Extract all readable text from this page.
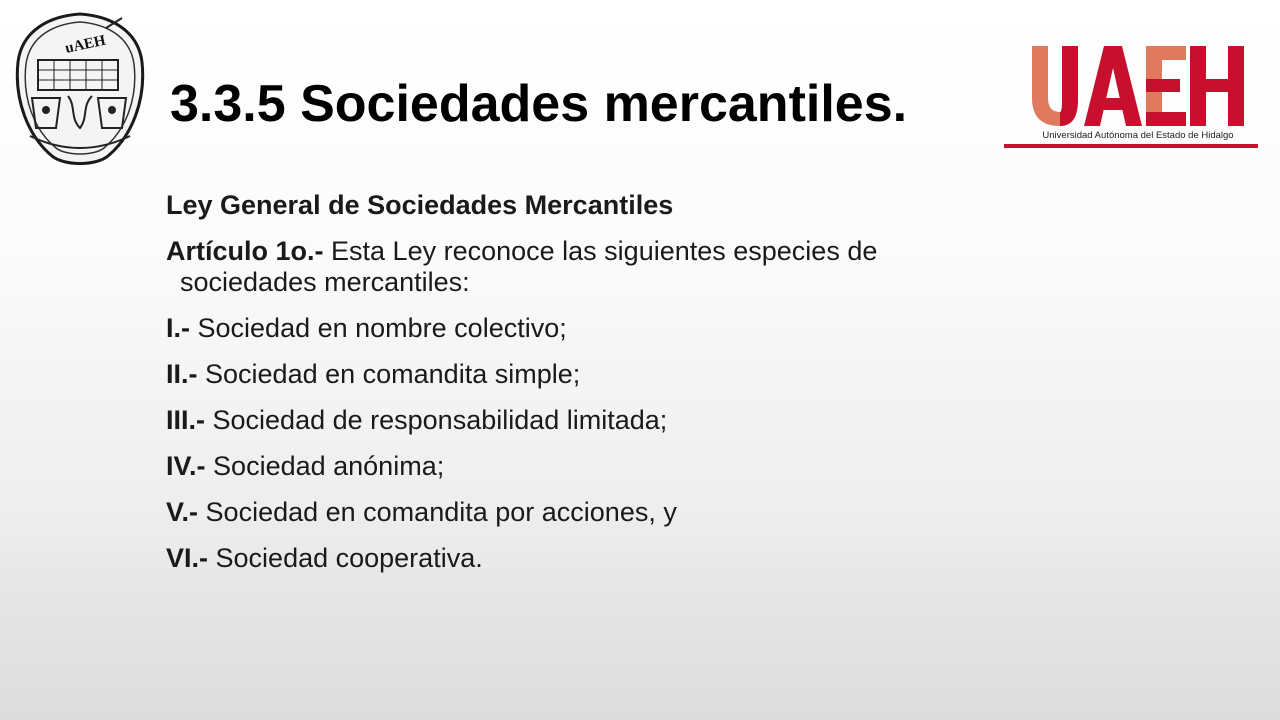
uAEH
3.3.5 Sociedades mercantiles.
Universidad Autónoma del Estado de Hidalgo

Ley General de Sociedades Mercantiles

Artículo 1o.- Esta Ley reconoce las siguientes especies de
sociedades mercantiles:

I.- Sociedad en nombre colectivo;

II.- Sociedad en comandita simple;

III.- Sociedad de responsabilidad limitada;

IV.- Sociedad anónima;

V.- Sociedad en comandita por acciones, y

VI.- Sociedad cooperativa.
